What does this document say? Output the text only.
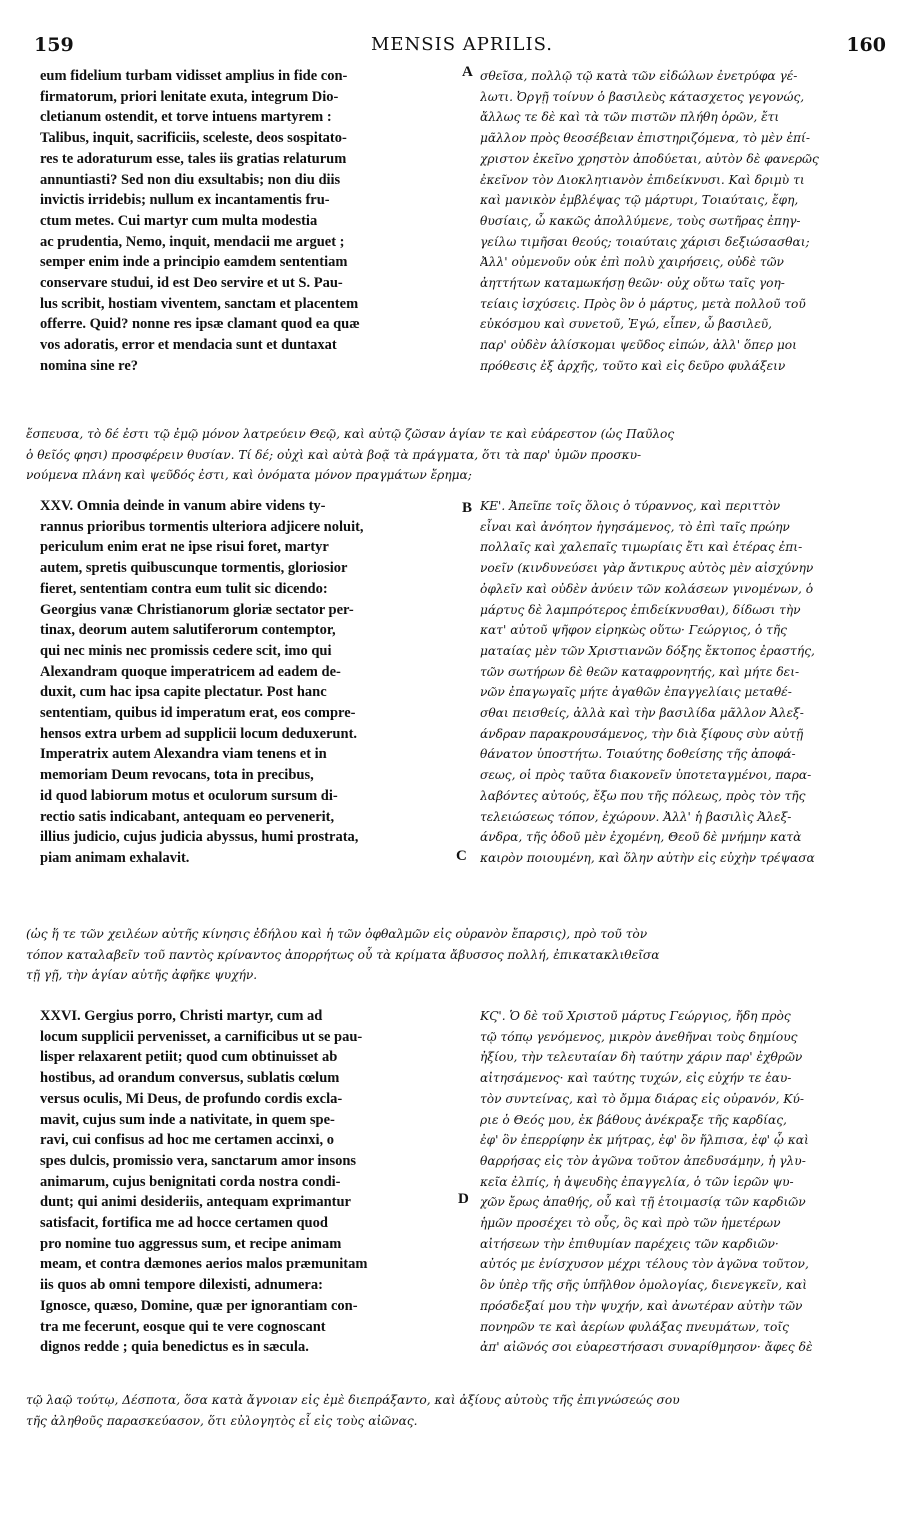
159	MENSIS APRILIS.	160
A
B
C
D
eum fidelium turbam vidisset amplius in fide con-
firmatorum, priori lenitate exuta, integrum Dio-
cletianum ostendit, et torve intuens martyrem :
Talibus, inquit, sacrificiis, sceleste, deos sospitato-
res te adoraturum esse, tales iis gratias relaturum
annuntiasti? Sed non diu exsultabis; non diu diis
invictis irridebis; nullum ex incantamentis fru-
ctum metes. Cui martyr cum multa modestia
ac prudentia, Nemo, inquit, mendacii me arguet ;
semper enim inde a principio eamdem sententiam
conservare studui, id est Deo servire et ut S. Pau-
lus scribit, hostiam viventem, sanctam et placentem
offerre. Quid? nonne res ipsæ clamant quod ea quæ
vos adoratis, error et mendacia sunt et duntaxat
nomina sine re?
σθεῖσα, πολλῷ τῷ κατὰ τῶν εἰδώλων ἐνετρύφα γέ-
λωτι. Ὀργῇ τοίνυν ὁ βασιλεὺς κάτασχετος γεγονώς,
ἄλλως τε δὲ καὶ τὰ τῶν πιστῶν πλήθη ὁρῶν, ἔτι
μᾶλλον πρὸς θεοσέβειαν ἐπιστηριζόμενα, τὸ μὲν ἐπί-
χριστον ἐκεῖνο χρηστὸν ἀποδύεται, αὐτὸν δὲ φανερῶς
ἐκεῖνον τὸν Διοκλητιανὸν ἐπιδείκνυσι. Καὶ δριμὺ τι
καὶ μανικὸν ἐμβλέψας τῷ μάρτυρι, Τοιαύταις, ἔφη,
θυσίαις, ὦ κακῶς ἀπολλύμενε, τοὺς σωτῆρας ἐπηγ-
γείλω τιμῆσαι θεούς; τοιαύταις χάρισι δεξιώσασθαι;
Ἀλλ' οὐμενοῦν οὐκ ἐπὶ πολὺ χαιρήσεις, οὐδὲ τῶν
ἀηττήτων καταμωκήσῃ θεῶν· οὐχ οὕτω ταῖς γοη-
τείαις ἰσχύσεις. Πρὸς ὃν ὁ μάρτυς, μετὰ πολλοῦ τοῦ
εὐκόσμου καὶ συνετοῦ, Ἐγώ, εἶπεν, ὦ βασιλεῦ,
παρ' οὐδὲν ἁλίσκομαι ψεῦδος εἰπών, ἀλλ' ὅπερ μοι
πρόθεσις ἐξ ἀρχῆς, τοῦτο καὶ εἰς δεῦρο φυλάξειν
ἔσπευσα, τὸ δέ ἐστι τῷ ἐμῷ μόνον λατρεύειν Θεῷ, καὶ αὐτῷ ζῶσαν ἁγίαν τε καὶ εὐάρεστον (ὡς Παῦλος
ὁ θεῖός φησι) προσφέρειν θυσίαν. Τί δέ; οὐχὶ καὶ αὐτὰ βοᾷ τὰ πράγματα, ὅτι τὰ παρ' ὑμῶν προσκυ-
νούμενα πλάνη καὶ ψεῦδός ἐστι, καὶ ὀνόματα μόνον πραγμάτων ἔρημα;
XXV. Omnia deinde in vanum abire videns ty-
rannus prioribus tormentis ulteriora adjicere noluit,
periculum enim erat ne ipse risui foret, martyr
autem, spretis quibuscunque tormentis, gloriosior
fieret, sententiam contra eum tulit sic dicendo:
Georgius vanæ Christianorum gloriæ sectator per-
tinax, deorum autem salutiferorum contemptor,
qui nec minis nec promissis cedere scit, imo qui
Alexandram quoque imperatricem ad eadem de-
duxit, cum hac ipsa capite plectatur. Post hanc
sententiam, quibus id imperatum erat, eos compre-
hensos extra urbem ad supplicii locum deduxerunt.
Imperatrix autem Alexandra viam tenens et in
memoriam Deum revocans, tota in precibus,
id quod labiorum motus et oculorum sursum di-
rectio satis indicabant, antequam eo pervenerit,
illius judicio, cujus judicia abyssus, humi prostrata,
piam animam exhalavit.
ΚΕ'. Ἀπεῖπε τοῖς ὅλοις ὁ τύραννος, καὶ περιττὸν
εἶναι καὶ ἀνόητον ἡγησάμενος, τὸ ἐπὶ ταῖς πρώην
πολλαῖς καὶ χαλεπαῖς τιμωρίαις ἔτι καὶ ἑτέρας ἐπι-
νοεῖν (κινδυνεύσει γὰρ ἄντικρυς αὐτὸς μὲν αἰσχύνην
ὀφλεῖν καὶ οὐδὲν ἀνύειν τῶν κολάσεων γινομένων, ὁ
μάρτυς δὲ λαμπρότερος ἐπιδείκνυσθαι), δίδωσι τὴν
κατ' αὐτοῦ ψῆφον εἰρηκὼς οὕτω· Γεώργιος, ὁ τῆς
ματαίας μὲν τῶν Χριστιανῶν δόξης ἔκτοπος ἐραστής,
τῶν σωτήρων δὲ θεῶν καταφρονητής, καὶ μήτε δει-
νῶν ἐπαγωγαῖς μήτε ἀγαθῶν ἐπαγγελίαις μεταθέ-
σθαι πεισθείς, ἀλλὰ καὶ τὴν βασιλίδα μᾶλλον Ἀλεξ-
άνδραν παρακρουσάμενος, τὴν διὰ ξίφους σὺν αὐτῇ
θάνατον ὑποστήτω. Τοιαύτης δοθείσης τῆς ἀποφά-
σεως, οἱ πρὸς ταῦτα διακονεῖν ὑποτεταγμένοι, παρα-
λαβόντες αὐτούς, ἔξω που τῆς πόλεως, πρὸς τὸν τῆς
τελειώσεως τόπον, ἐχώρουν. Ἀλλ' ἡ βασιλὶς Ἀλεξ-
άνδρα, τῆς ὁδοῦ μὲν ἐχομένη, Θεοῦ δὲ μνήμην κατὰ
καιρὸν ποιουμένη, καὶ ὅλην αὐτὴν εἰς εὐχὴν τρέψασα
(ὡς ἥ τε τῶν χειλέων αὐτῆς κίνησις ἐδήλου καὶ ἡ τῶν ὀφθαλμῶν εἰς οὐρανὸν ἔπαρσις), πρὸ τοῦ τὸν
τόπον καταλαβεῖν τοῦ παντὸς κρίναντος ἀπορρήτως οὗ τὰ κρίματα ἄβυσσος πολλή, ἐπικατακλιθεῖσα
τῇ γῇ, τὴν ἁγίαν αὐτῆς ἀφῆκε ψυχήν.
XXVI. Gergius porro, Christi martyr, cum ad
locum supplicii pervenisset, a carnificibus ut se pau-
lisper relaxarent petiit; quod cum obtinuisset ab
hostibus, ad orandum conversus, sublatis cœlum
versus oculis, Mi Deus, de profundo cordis excla-
mavit, cujus sum inde a nativitate, in quem spe-
ravi, cui confisus ad hoc me certamen accinxi, o
spes dulcis, promissio vera, sanctarum amor insons
animarum, cujus benignitati corda nostra condi-
dunt; qui animi desideriis, antequam exprimantur
satisfacit, fortifica me ad hocce certamen quod
pro nomine tuo aggressus sum, et recipe animam
meam, et contra dæmones aerios malos præmunitam
iis quos ab omni tempore dilexisti, adnumera:
Ignosce, quæso, Domine, quæ per ignorantiam con-
tra me fecerunt, eosque qui te vere cognoscant
dignos redde ; quia benedictus es in sæcula.
ΚϚ'. Ὁ δὲ τοῦ Χριστοῦ μάρτυς Γεώργιος, ἤδη πρὸς
τῷ τόπῳ γενόμενος, μικρὸν ἀνεθῆναι τοὺς δημίους
ἠξίου, τὴν τελευταίαν δὴ ταύτην χάριν παρ' ἐχθρῶν
αἰτησάμενος· καὶ ταύτης τυχών, εἰς εὐχήν τε ἑαυ-
τὸν συντείνας, καὶ τὸ ὄμμα διάρας εἰς οὐρανόν, Κύ-
ριε ὁ Θεός μου, ἐκ βάθους ἀνέκραξε τῆς καρδίας,
ἐφ' ὃν ἐπερρίφην ἐκ μήτρας, ἐφ' ὃν ἤλπισα, ἐφ' ᾧ καὶ
θαρρήσας εἰς τὸν ἀγῶνα τοῦτον ἀπεδυσάμην, ἡ γλυ-
κεῖα ἐλπίς, ἡ ἀψευδὴς ἐπαγγελία, ὁ τῶν ἱερῶν ψυ-
χῶν ἔρως ἀπαθής, οὗ καὶ τῇ ἑτοιμασίᾳ τῶν καρδιῶν
ἡμῶν προσέχει τὸ οὖς, ὃς καὶ πρὸ τῶν ἡμετέρων
αἰτήσεων τὴν ἐπιθυμίαν παρέχεις τῶν καρδιῶν·
αὐτός με ἐνίσχυσον μέχρι τέλους τὸν ἀγῶνα τοῦτον,
ὃν ὑπὲρ τῆς σῆς ὑπῆλθον ὁμολογίας, διενεγκεῖν, καὶ
πρόσδεξαί μου τὴν ψυχήν, καὶ ἀνωτέραν αὐτὴν τῶν
πονηρῶν τε καὶ ἀερίων φυλάξας πνευμάτων, τοῖς
ἀπ' αἰῶνός σοι εὐαρεστήσασι συναρίθμησον· ἄφες δὲ
τῷ λαῷ τούτῳ, Δέσποτα, ὅσα κατὰ ἄγνοιαν εἰς ἐμὲ διεπράξαντο, καὶ ἀξίους αὐτοὺς τῆς ἐπιγνώσεώς σου
τῆς ἀληθοῦς παρασκεύασον, ὅτι εὐλογητὸς εἶ εἰς τοὺς αἰῶνας.
